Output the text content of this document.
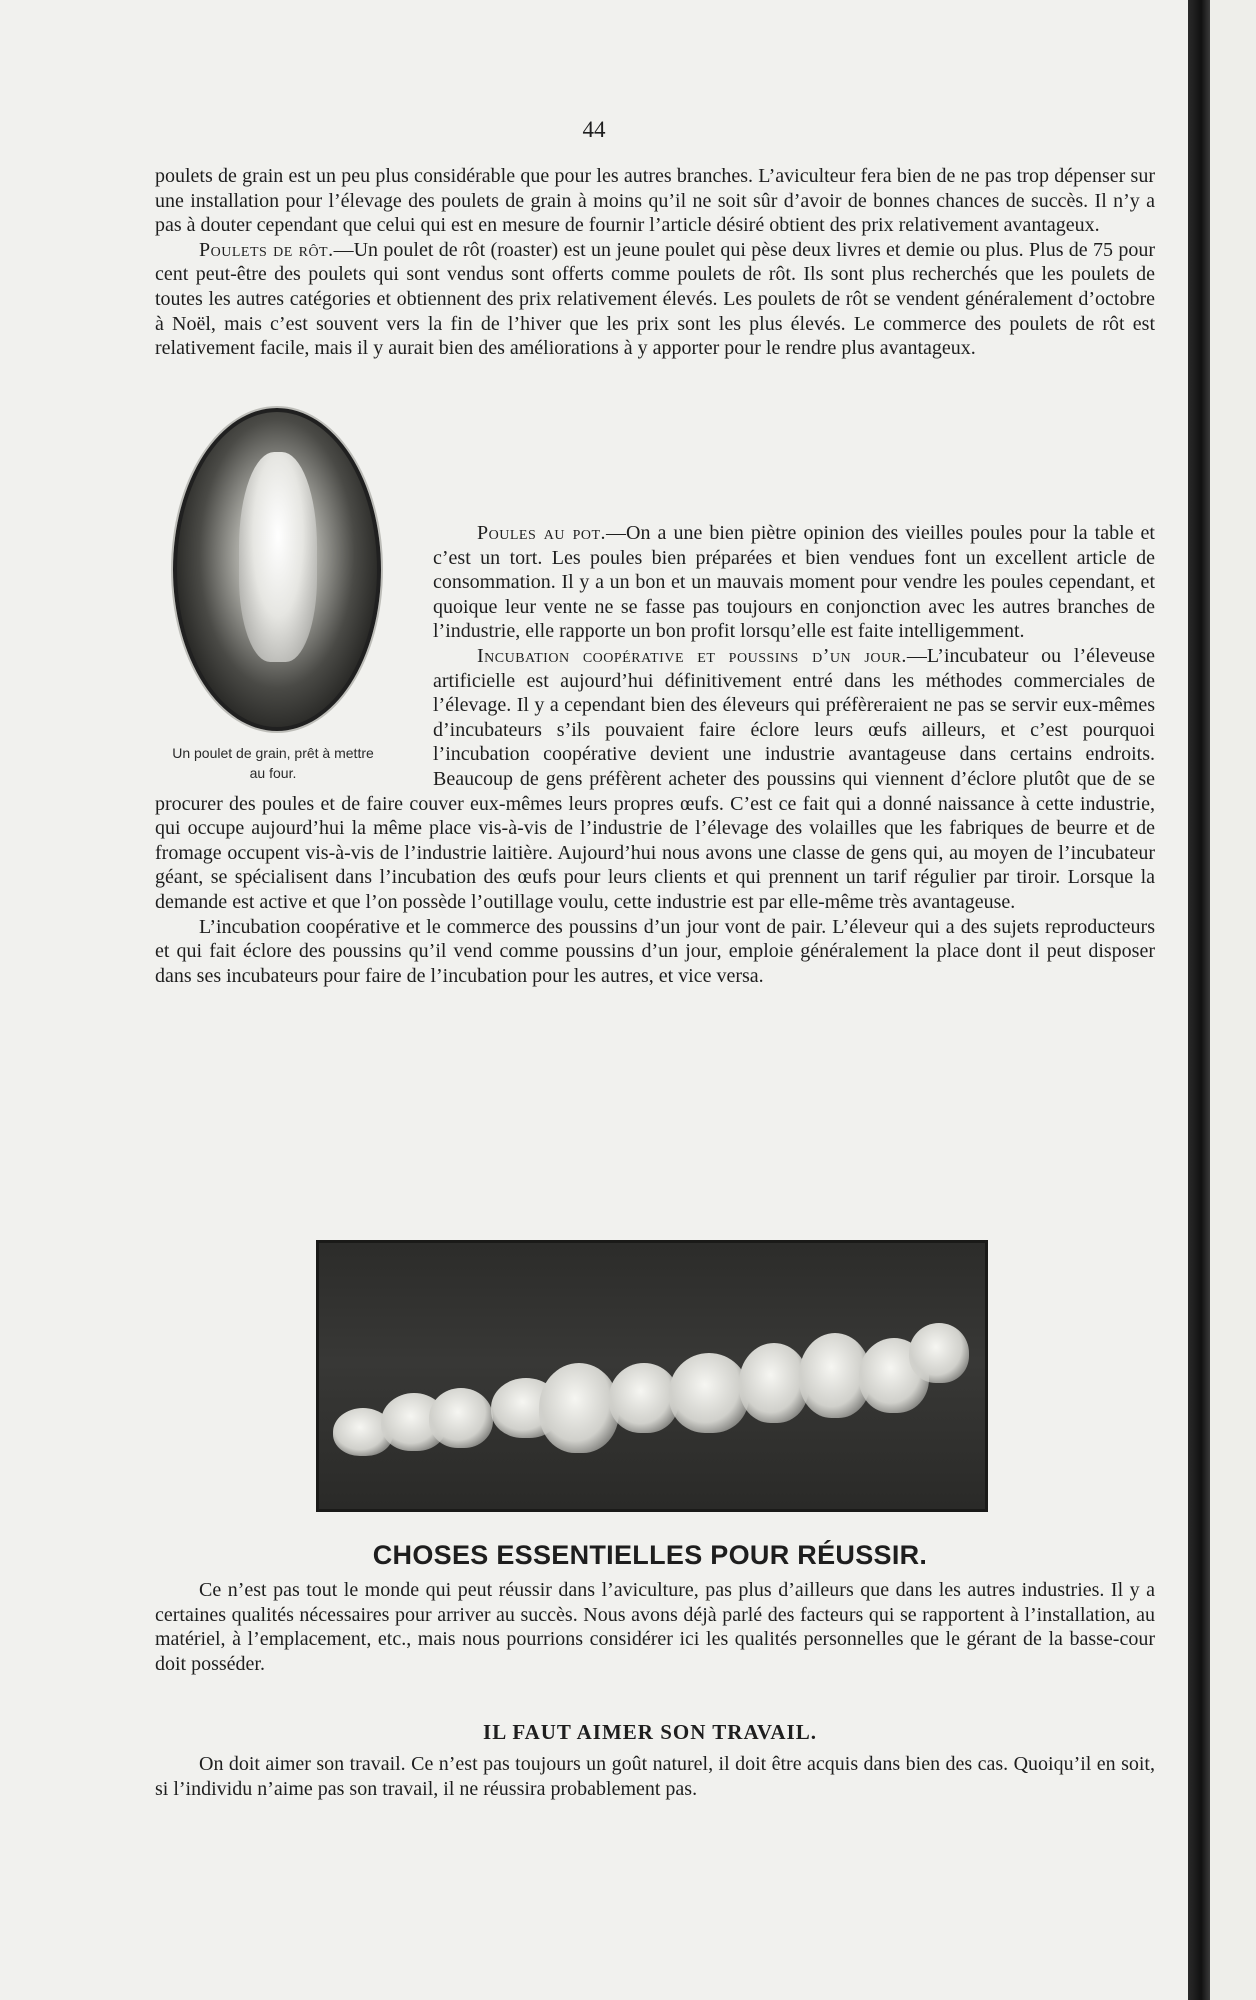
44

poulets de grain est un peu plus considérable que pour les autres branches. L’aviculteur fera bien de ne pas trop dépenser sur une installation pour l’élevage des poulets de grain à moins qu’il ne soit sûr d’avoir de bonnes chances de succès. Il n’y a pas à douter cependant que celui qui est en mesure de fournir l’article désiré obtient des prix relativement avantageux.

Poulets de rôt.—Un poulet de rôt (roaster) est un jeune poulet qui pèse deux livres et demie ou plus. Plus de 75 pour cent peut-être des poulets qui sont vendus sont offerts comme poulets de rôt. Ils sont plus recherchés que les poulets de toutes les autres catégories et obtiennent des prix relativement élevés. Les poulets de rôt se vendent généralement d’octobre à Noël, mais c’est souvent vers la fin de l’hiver que les prix sont les plus élevés. Le commerce des poulets de rôt est relativement facile, mais il y aurait bien des améliorations à y apporter pour le rendre plus avantageux.

Poules au pot.—On a une bien piètre opinion des vieilles poules pour la table et c’est un tort. Les poules bien préparées et bien vendues font un excellent article de consommation. Il y a un bon et un mauvais moment pour vendre les poules cependant, et quoique leur vente ne se fasse pas toujours en conjonction avec les autres branches de l’industrie, elle rapporte un bon profit lorsqu’elle est faite intelligemment.

Incubation coopérative et poussins d’un jour.—L’incubateur ou l’éleveuse artificielle est aujourd’hui définitivement entré dans les méthodes commerciales de l’élevage. Il y a cependant bien des éleveurs qui préfèreraient ne pas se servir eux-mêmes d’incubateurs s’ils pouvaient faire éclore leurs œufs ailleurs, et c’est pourquoi l’incubation coopérative devient une industrie avantageuse dans certains endroits. Beaucoup de gens préfèrent acheter des poussins qui viennent d’éclore plutôt que de se procurer des poules et de faire couver eux-mêmes leurs propres œufs. C’est ce fait qui a donné naissance à cette industrie, qui occupe aujourd’hui la même place vis-à-vis de l’industrie de l’élevage des volailles que les fabriques de beurre et de fromage occupent vis-à-vis de l’industrie laitière. Aujourd’hui nous avons une classe de gens qui, au moyen de l’incubateur géant, se spécialisent dans l’incubation des œufs pour leurs clients et qui prennent un tarif régulier par tiroir. Lorsque la demande est active et que l’on possède l’outillage voulu, cette industrie est par elle-même très avantageuse.

L’incubation coopérative et le commerce des poussins d’un jour vont de pair. L’éleveur qui a des sujets reproducteurs et qui fait éclore des poussins qu’il vend comme poussins d’un jour, emploie généralement la place dont il peut disposer dans ses incubateurs pour faire de l’incubation pour les autres, et vice versa.

Un poulet de grain, prêt à mettre au four.
CHOSES ESSENTIELLES POUR RÉUSSIR.

Ce n’est pas tout le monde qui peut réussir dans l’aviculture, pas plus d’ailleurs que dans les autres industries. Il y a certaines qualités nécessaires pour arriver au succès. Nous avons déjà parlé des facteurs qui se rapportent à l’installation, au matériel, à l’emplacement, etc., mais nous pourrions considérer ici les qualités personnelles que le gérant de la basse-cour doit posséder.

IL FAUT AIMER SON TRAVAIL.

On doit aimer son travail. Ce n’est pas toujours un goût naturel, il doit être acquis dans bien des cas. Quoiqu’il en soit, si l’individu n’aime pas son travail, il ne réussira probablement pas.
